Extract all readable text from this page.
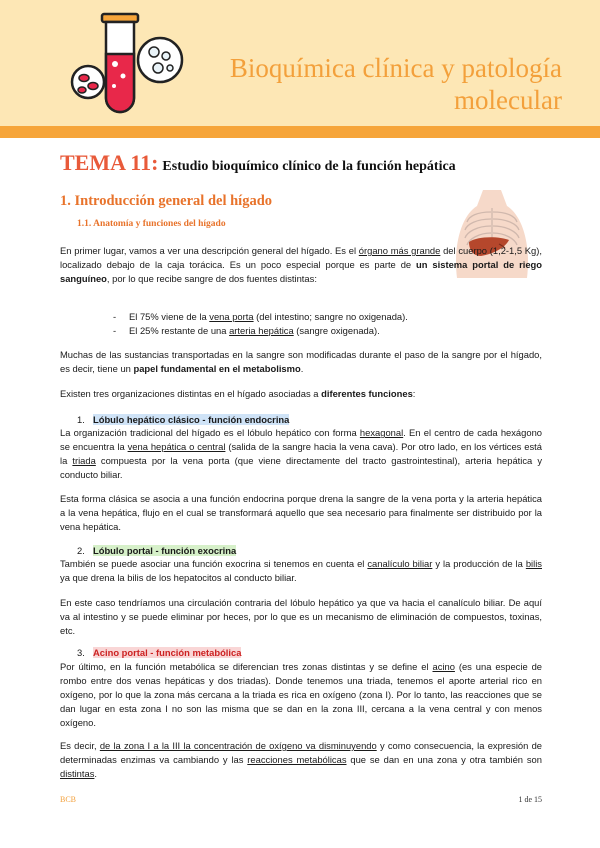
Bioquímica clínica y patología molecular
TEMA 11: Estudio bioquímico clínico de la función hepática
1. Introducción general del hígado
1.1. Anatomía y funciones del hígado
En primer lugar, vamos a ver una descripción general del hígado. Es el órgano más grande del cuerpo (1,2-1,5 Kg), localizado debajo de la caja torácica. Es un poco especial porque es parte de un sistema portal de riego sanguíneo, por lo que recibe sangre de dos fuentes distintas:
- El 75% viene de la vena porta (del intestino; sangre no oxigenada).
- El 25% restante de una arteria hepática (sangre oxigenada).
Muchas de las sustancias transportadas en la sangre son modificadas durante el paso de la sangre por el hígado, es decir, tiene un papel fundamental en el metabolismo.
Existen tres organizaciones distintas en el hígado asociadas a diferentes funciones:
1. Lóbulo hepático clásico - función endocrina
La organización tradicional del hígado es el lóbulo hepático con forma hexagonal. En el centro de cada hexágono se encuentra la vena hepática o central (salida de la sangre hacia la vena cava). Por otro lado, en los vértices está la triada compuesta por la vena porta (que viene directamente del tracto gastrointestinal), arteria hepática y conducto biliar.
Esta forma clásica se asocia a una función endocrina porque drena la sangre de la vena porta y la arteria hepática a la vena hepática, flujo en el cual se transformará aquello que sea necesario para finalmente ser distribuido por la vena hepática.
2. Lóbulo portal - función exocrina
También se puede asociar una función exocrina si tenemos en cuenta el canalículo biliar y la producción de la bilis ya que drena la bilis de los hepatocitos al conducto biliar.
En este caso tendríamos una circulación contraria del lóbulo hepático ya que va hacia el canalículo biliar. De aquí va al intestino y se puede eliminar por heces, por lo que es un mecanismo de eliminación de compuestos, toxinas, etc.
3. Acino portal - función metabólica
Por último, en la función metabólica se diferencian tres zonas distintas y se define el acino (es una especie de rombo entre dos venas hepáticas y dos triadas). Donde tenemos una triada, tenemos el aporte arterial rico en oxígeno, por lo que la zona más cercana a la triada es rica en oxígeno (zona I). Por lo tanto, las reacciones que se dan lugar en esta zona I no son las misma que se dan en la zona III, cercana a la vena central y con menos oxígeno.
Es decir, de la zona I a la III la concentración de oxígeno va disminuyendo y como consecuencia, la expresión de determinadas enzimas va cambiando y las reacciones metabólicas que se dan en una zona y otra también son distintas.
BCB	1 de 15
